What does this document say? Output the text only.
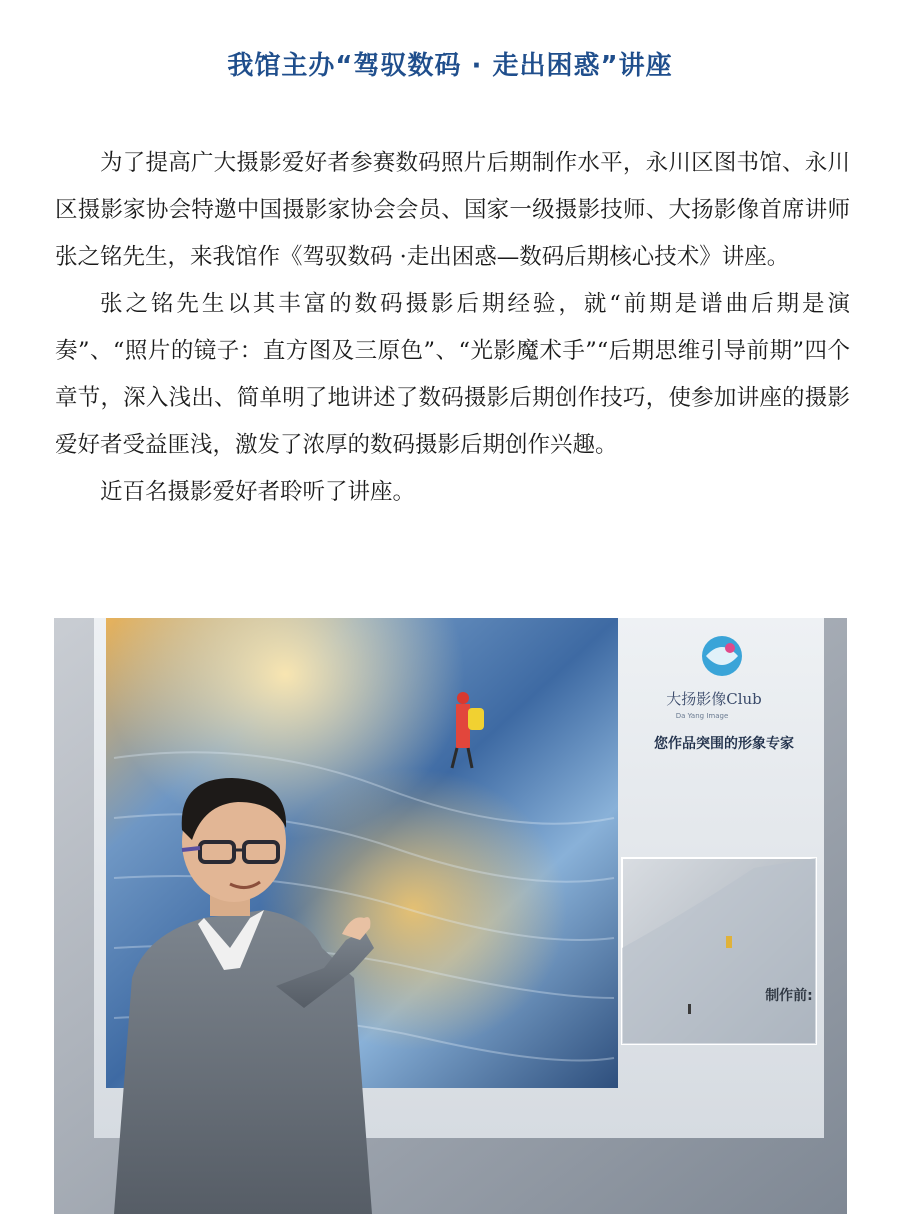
我馆主办“驾驭数码 · 走出困惑”讲座

为了提高广大摄影爱好者参赛数码照片后期制作水平，永川区图书馆、永川区摄影家协会特邀中国摄影家协会会员、国家一级摄影技师、大扬影像首席讲师张之铭先生，来我馆作《驾驭数码 ·走出困惑—数码后期核心技术》讲座。

张之铭先生以其丰富的数码摄影后期经验，就“前期是谱曲后期是演奏”、“照片的镜子：直方图及三原色”、“光影魔术手”“后期思维引导前期”四个章节，深入浅出、简单明了地讲述了数码摄影后期创作技巧，使参加讲座的摄影爱好者受益匪浅，激发了浓厚的数码摄影后期创作兴趣。

近百名摄影爱好者聆听了讲座。

大扬影像Club
Da Yang Image
您作品突围的形象专家
制作前:
